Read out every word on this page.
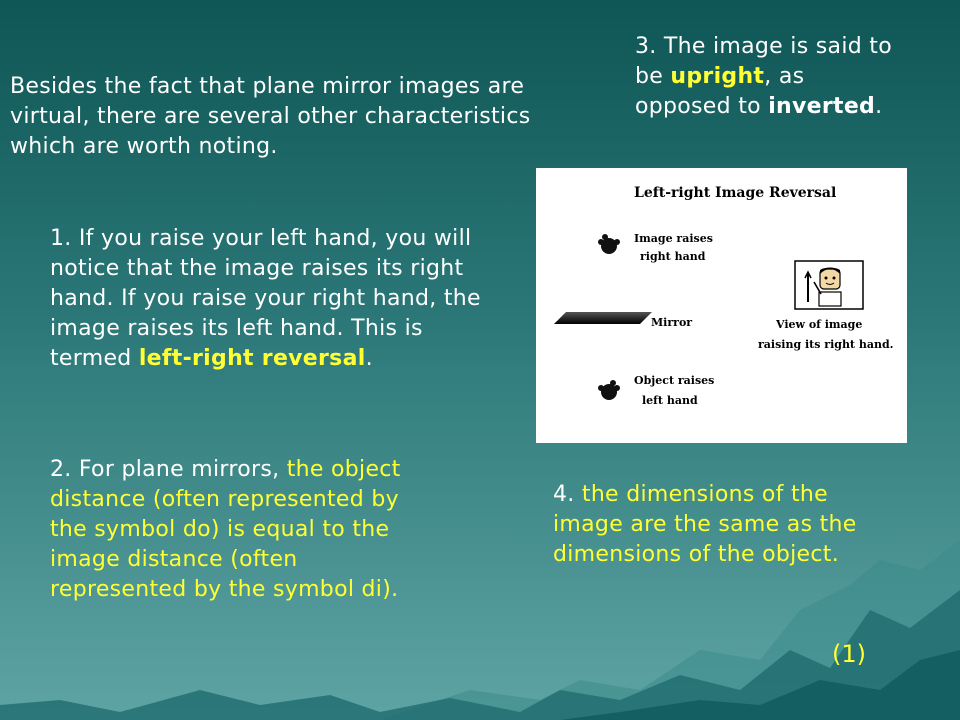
Besides the fact that plane mirror images are virtual, there are several other characteristics which are worth noting.
3. The image is said to be upright, as opposed to inverted.
1. If you raise your left hand, you will notice that the image raises its right hand. If you raise your right hand, the image raises its left hand. This is termed left-right reversal.
2. For plane mirrors, the object distance (often represented by the symbol do) is equal to the image distance (often represented by the symbol di).
4. the dimensions of the image are the same as the dimensions of the object.
Left-right Image Reversal
Image raises
right hand
Mirror
Object raises
left hand
View of image
raising its right hand.
(1)
